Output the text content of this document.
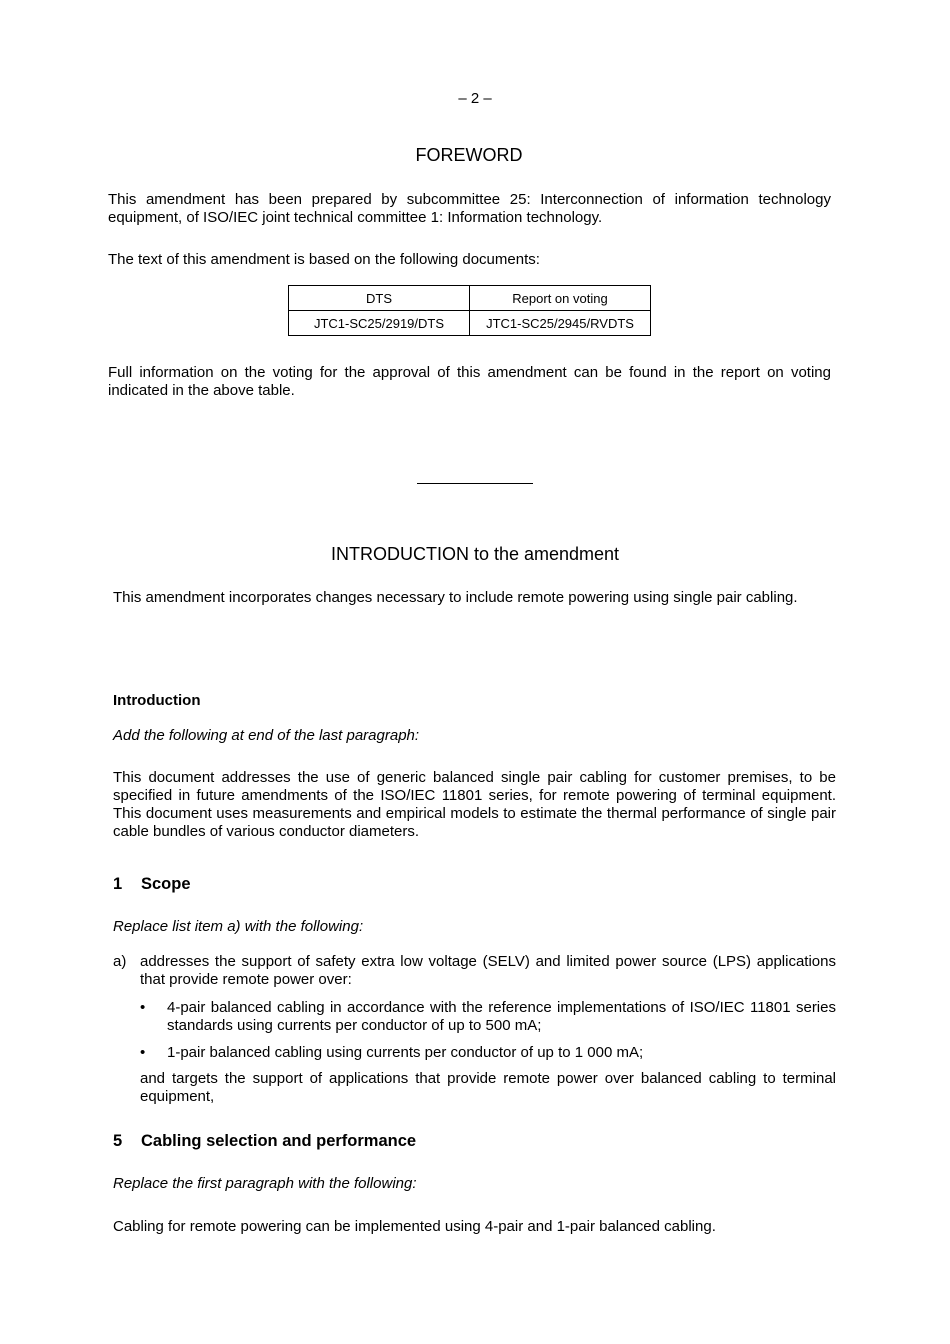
– 2 –
FOREWORD
This amendment has been prepared by subcommittee 25: Interconnection of information technology equipment, of ISO/IEC joint technical committee 1: Information technology.
The text of this amendment is based on the following documents:
DTS	Report on voting
JTC1-SC25/2919/DTS	JTC1-SC25/2945/RVDTS
Full information on the voting for the approval of this amendment can be found in the report on voting indicated in the above table.
INTRODUCTION to the amendment
This amendment incorporates changes necessary to include remote powering using single pair cabling.
Introduction
Add the following at end of the last paragraph:
This document addresses the use of generic balanced single pair cabling for customer premises, to be specified in future amendments of the ISO/IEC 11801 series, for remote powering of terminal equipment. This document uses measurements and empirical models to estimate the thermal performance of single pair cable bundles of various conductor diameters.
1 Scope
Replace list item a) with the following:
a) addresses the support of safety extra low voltage (SELV) and limited power source (LPS) applications that provide remote power over:
• 4-pair balanced cabling in accordance with the reference implementations of ISO/IEC 11801 series standards using currents per conductor of up to 500 mA;
• 1-pair balanced cabling using currents per conductor of up to 1 000 mA;
and targets the support of applications that provide remote power over balanced cabling to terminal equipment,
5 Cabling selection and performance
Replace the first paragraph with the following:
Cabling for remote powering can be implemented using 4-pair and 1-pair balanced cabling.
